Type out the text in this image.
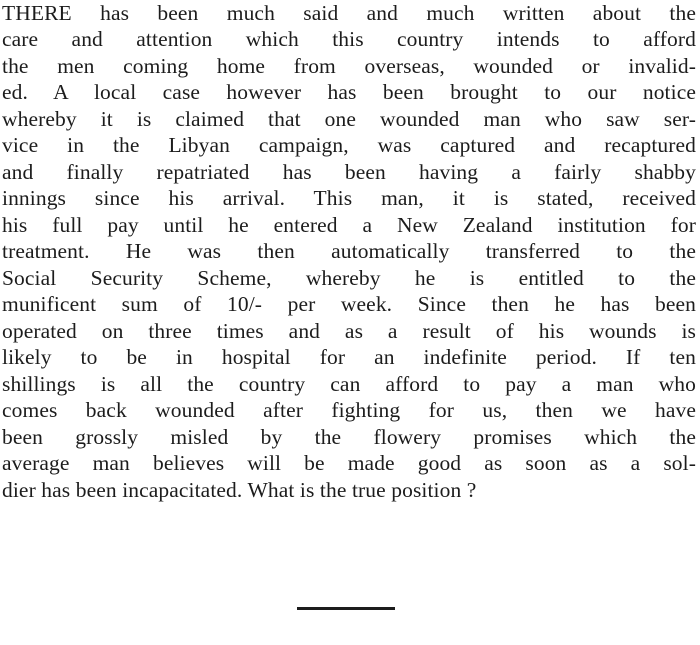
THERE has been much said and much written about the
care and attention which this country intends to afford
the men coming home from overseas, wounded or invalid-
ed. A local case however has been brought to our notice
whereby it is claimed that one wounded man who saw ser-
vice in the Libyan campaign, was captured and recaptured
and finally repatriated has been having a fairly shabby
innings since his arrival. This man, it is stated, received
his full pay until he entered a New Zealand institution for
treatment. He was then automatically transferred to the
Social Security Scheme, whereby he is entitled to the
munificent sum of 10/- per week. Since then he has been
operated on three times and as a result of his wounds is
likely to be in hospital for an indefinite period. If ten
shillings is all the country can afford to pay a man who
comes back wounded after fighting for us, then we have
been grossly misled by the flowery promises which the
average man believes will be made good as soon as a sol-
dier has been incapacitated. What is the true position ?
